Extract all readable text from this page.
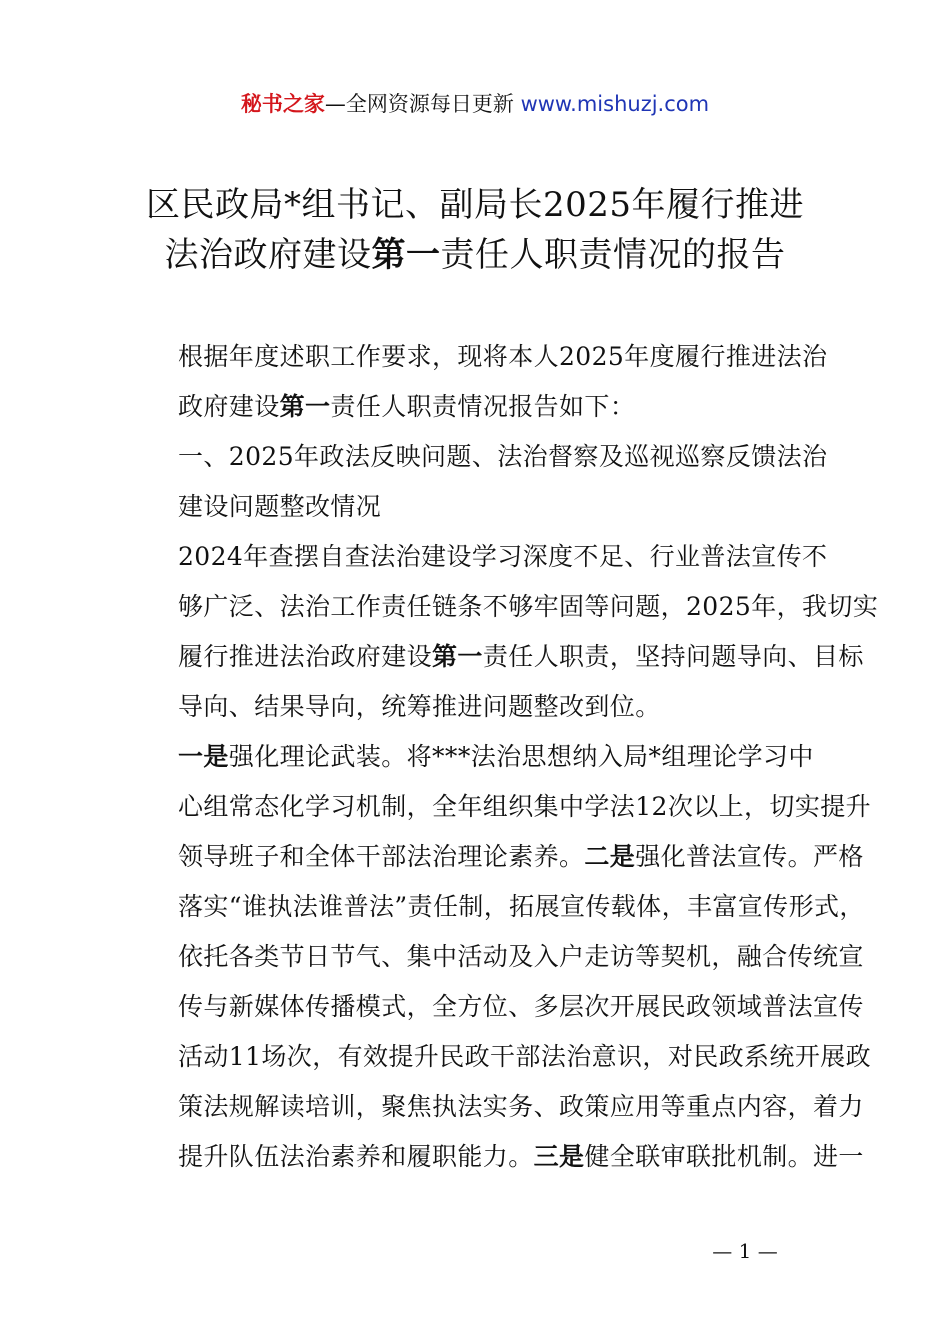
秘书之家—全网资源每日更新 www.mishuzj.com
区民政局*组书记、副局长2025年履行推进
法治政府建设第一责任人职责情况的报告

根据年度述职工作要求，现将本人2025年度履行推进法治
政府建设第一责任人职责情况报告如下：

一、2025年政法反映问题、法治督察及巡视巡察反馈法治
建设问题整改情况

2024年查摆自查法治建设学习深度不足、行业普法宣传不
够广泛、法治工作责任链条不够牢固等问题，2025年，我切实
履行推进法治政府建设第一责任人职责，坚持问题导向、目标
导向、结果导向，统筹推进问题整改到位。

一是强化理论武装。将***法治思想纳入局*组理论学习中
心组常态化学习机制，全年组织集中学法12次以上，切实提升
领导班子和全体干部法治理论素养。二是强化普法宣传。严格
落实“谁执法谁普法”责任制，拓展宣传载体，丰富宣传形式，
依托各类节日节气、集中活动及入户走访等契机，融合传统宣
传与新媒体传播模式，全方位、多层次开展民政领域普法宣传
活动11场次，有效提升民政干部法治意识，对民政系统开展政
策法规解读培训，聚焦执法实务、政策应用等重点内容，着力
提升队伍法治素养和履职能力。三是健全联审联批机制。进一

— 1 —
